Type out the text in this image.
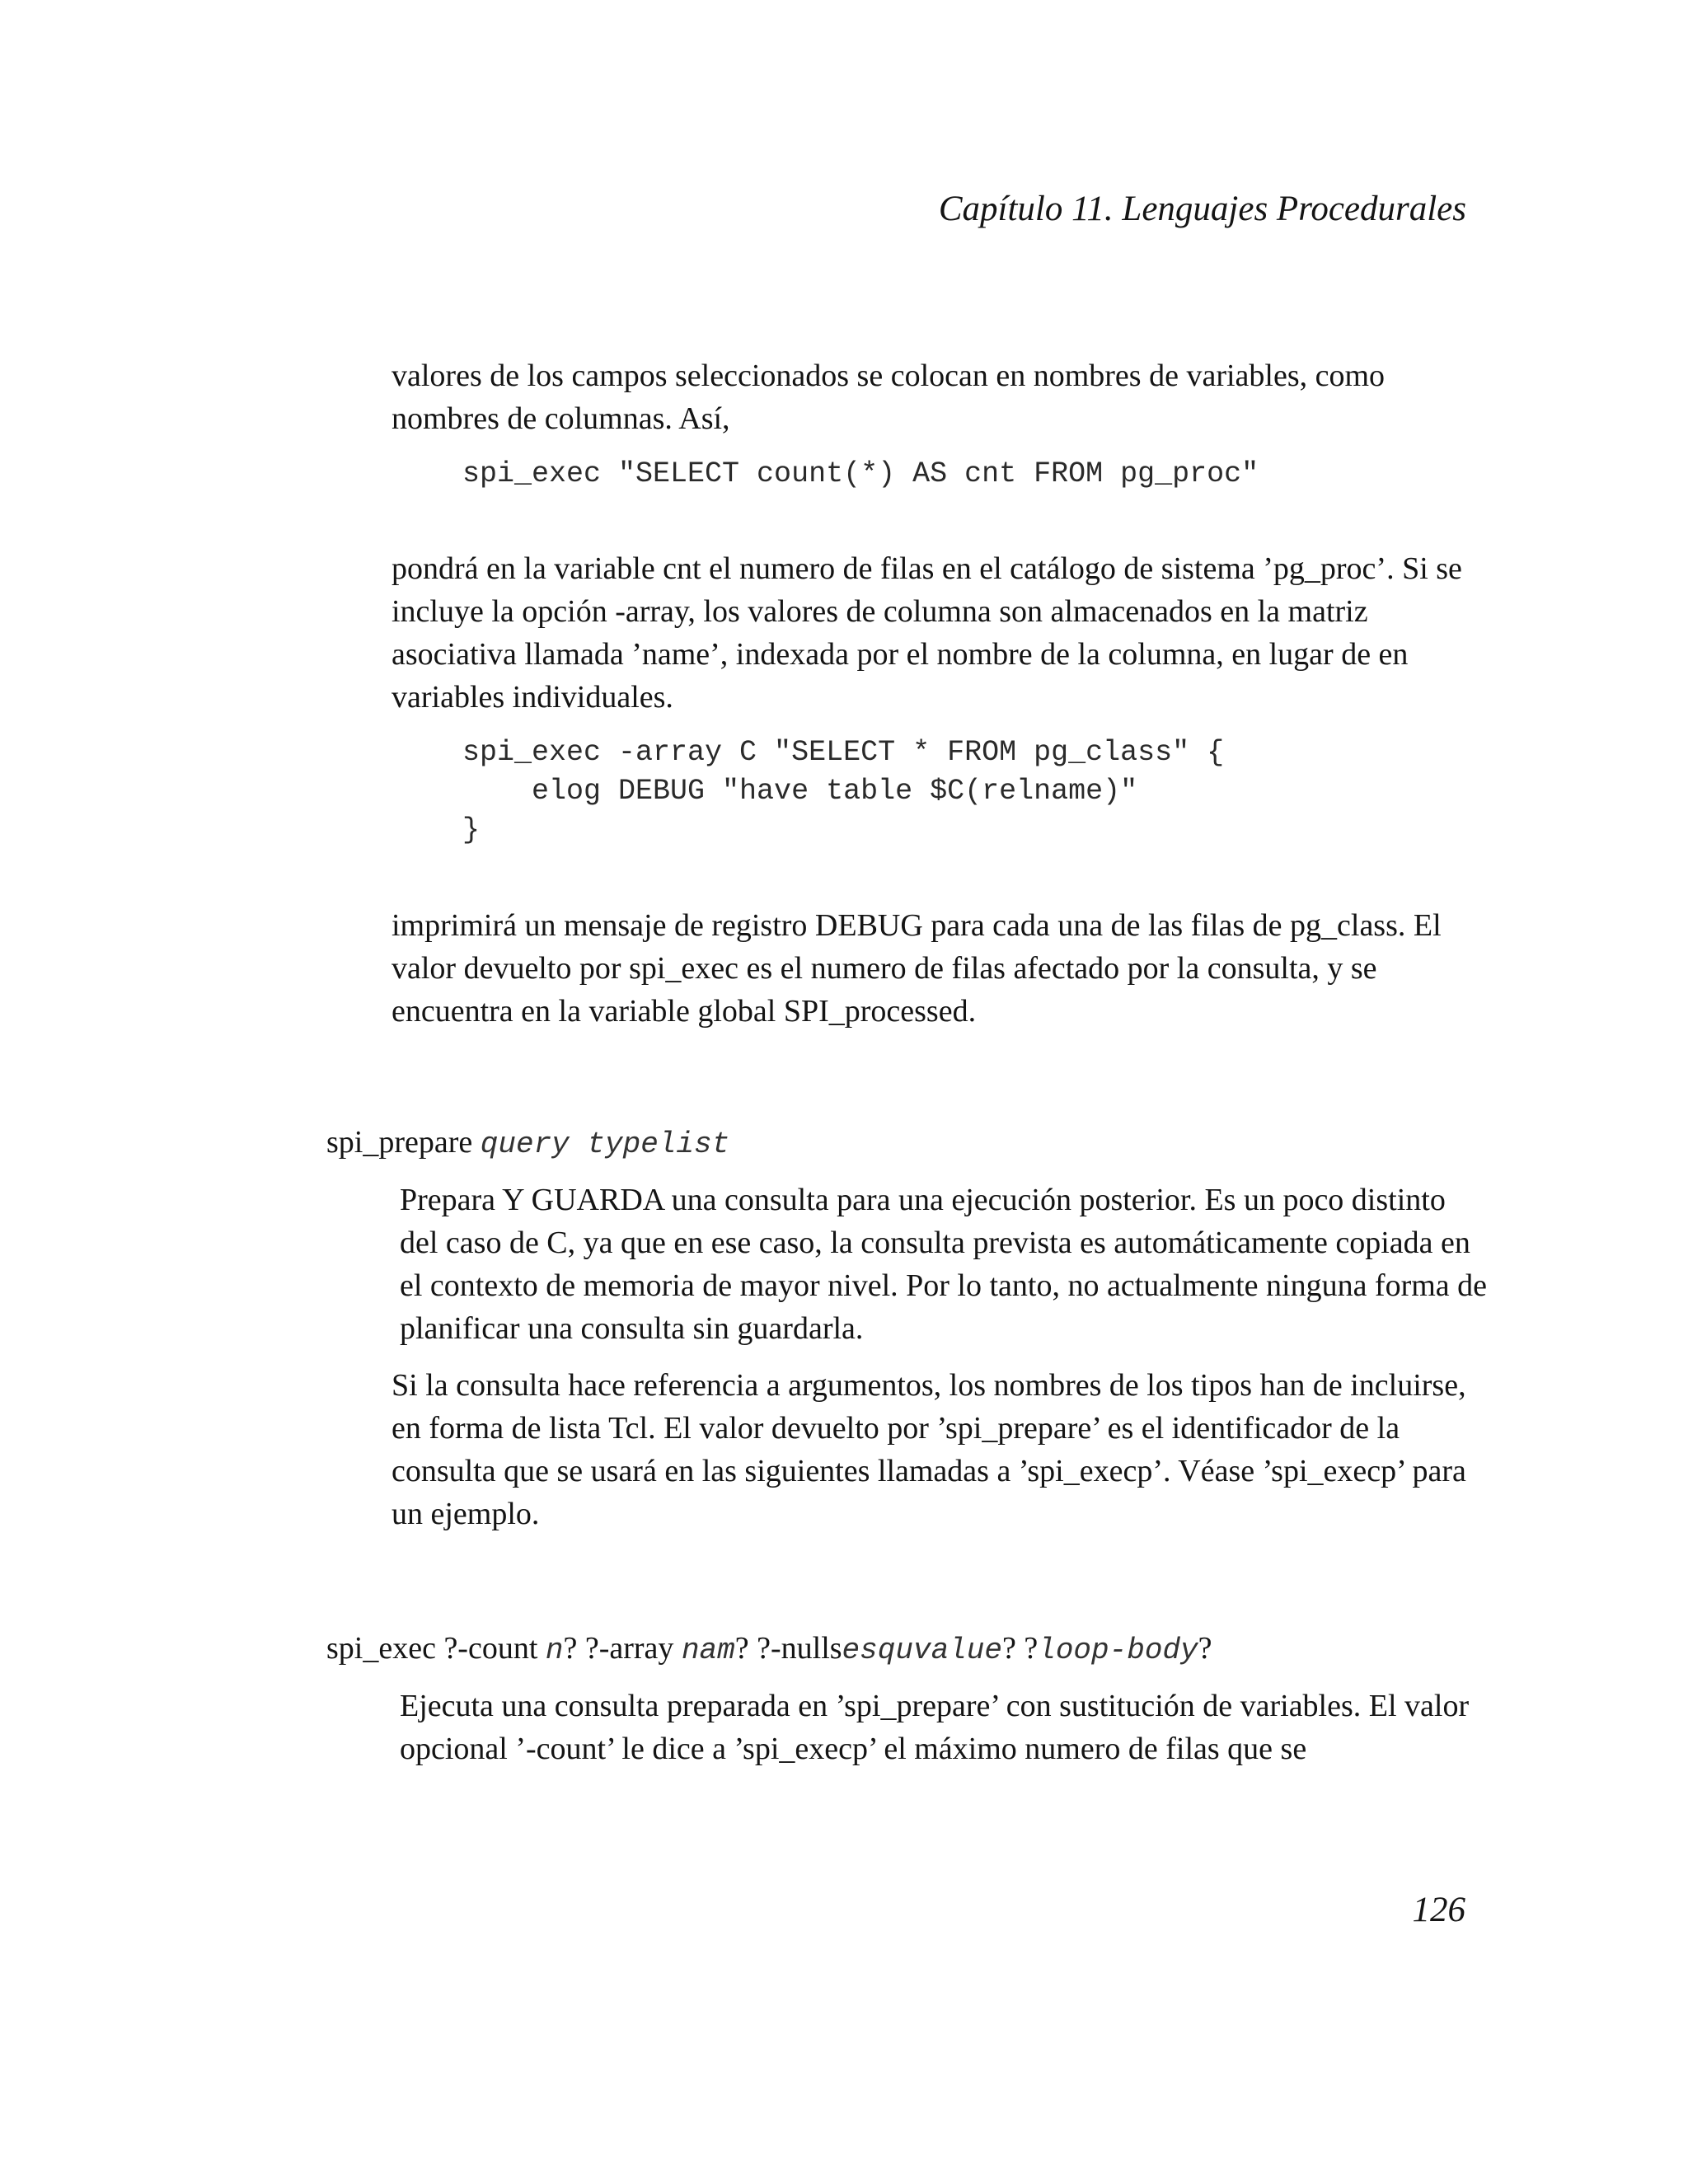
Capítulo 11. Lenguajes Procedurales

valores de los campos seleccionados se colocan en nombres de variables, como nombres de columnas. Así,

spi_exec "SELECT count(*) AS cnt FROM pg_proc"

pondrá en la variable cnt el numero de filas en el catálogo de sistema ’pg_proc’. Si se incluye la opción -array, los valores de columna son almacenados en la matriz asociativa llamada ’name’, indexada por el nombre de la columna, en lugar de en variables individuales.

spi_exec -array C "SELECT * FROM pg_class" {
elog DEBUG "have table $C(relname)"
}

imprimirá un mensaje de registro DEBUG para cada una de las filas de pg_class. El valor devuelto por spi_exec es el numero de filas afectado por la consulta, y se encuentra en la variable global SPI_processed.

spi_prepare query typelist

Prepara Y GUARDA una consulta para una ejecución posterior. Es un poco distinto del caso de C, ya que en ese caso, la consulta prevista es automáticamente copiada en el contexto de memoria de mayor nivel. Por lo tanto, no actualmente ninguna forma de planificar una consulta sin guardarla.

Si la consulta hace referencia a argumentos, los nombres de los tipos han de incluirse, en forma de lista Tcl. El valor devuelto por ’spi_prepare’ es el identificador de la consulta que se usará en las siguientes llamadas a ’spi_execp’. Véase ’spi_execp’ para un ejemplo.

spi_exec ?-count n? ?-array nam? ?-nullsesquvalue? ?loop-body?

Ejecuta una consulta preparada en ’spi_prepare’ con sustitución de variables. El valor opcional ’-count’ le dice a ’spi_execp’ el máximo numero de filas que se

126
